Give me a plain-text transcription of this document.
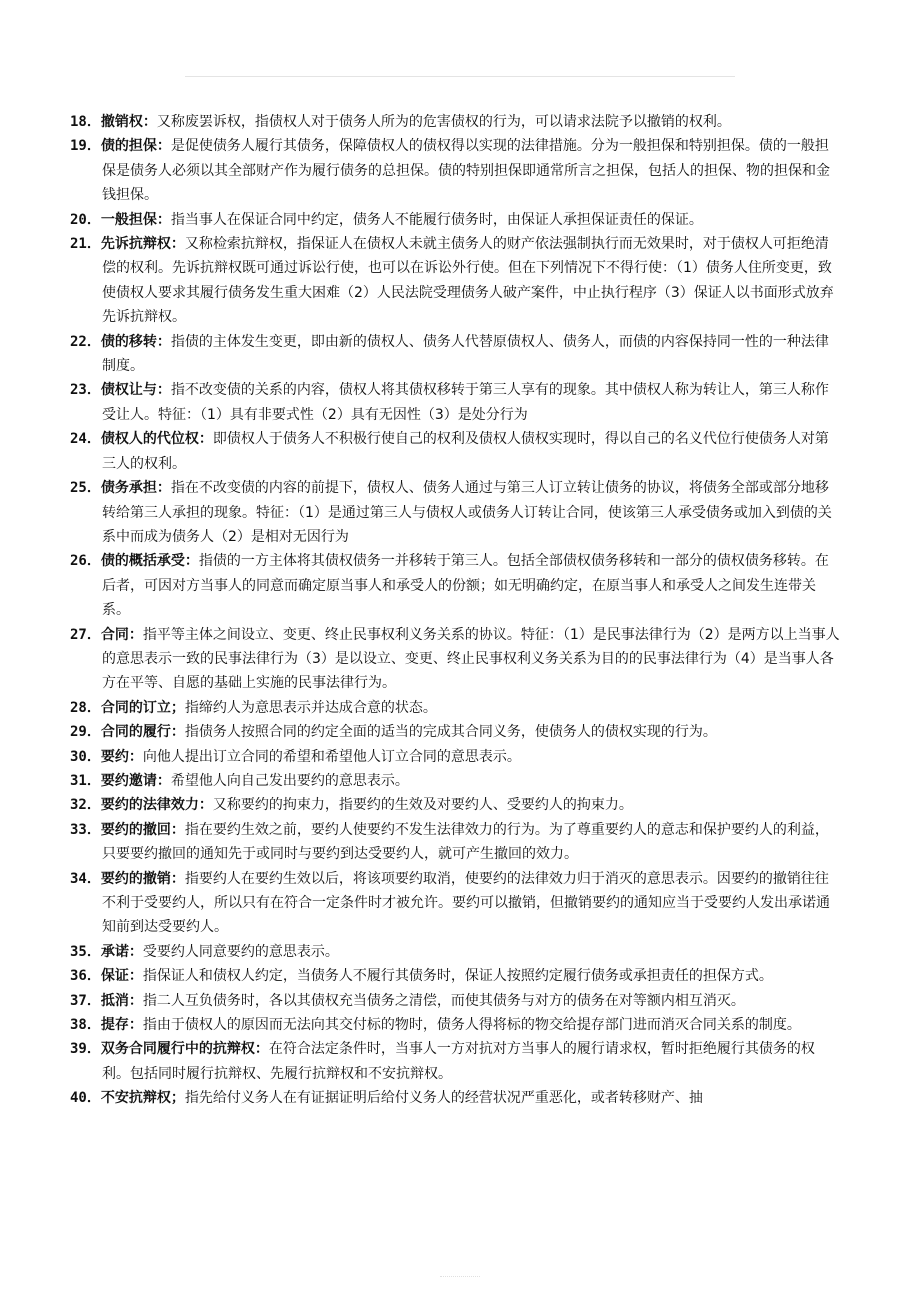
18．撤销权：又称废罢诉权，指债权人对于债务人所为的危害债权的行为，可以请求法院予以撤销的权利。

19．债的担保：是促使债务人履行其债务，保障债权人的债权得以实现的法律措施。分为一般担保和特别担保。债的一般担保是债务人必须以其全部财产作为履行债务的总担保。债的特别担保即通常所言之担保，包括人的担保、物的担保和金钱担保。

20．一般担保：指当事人在保证合同中约定，债务人不能履行债务时，由保证人承担保证责任的保证。

21．先诉抗辩权：又称检索抗辩权，指保证人在债权人未就主债务人的财产依法强制执行而无效果时，对于债权人可拒绝清偿的权利。先诉抗辩权既可通过诉讼行使，也可以在诉讼外行使。但在下列情况下不得行使：（1）债务人住所变更，致使债权人要求其履行债务发生重大困难（2）人民法院受理债务人破产案件，中止执行程序（3）保证人以书面形式放弃先诉抗辩权。

22．债的移转：指债的主体发生变更，即由新的债权人、债务人代替原债权人、债务人，而债的内容保持同一性的一种法律制度。

23．债权让与：指不改变债的关系的内容，债权人将其债权移转于第三人享有的现象。其中债权人称为转让人，第三人称作受让人。特征：（1）具有非要式性（2）具有无因性（3）是处分行为

24．债权人的代位权：即债权人于债务人不积极行使自己的权利及债权人债权实现时，得以自己的名义代位行使债务人对第三人的权利。

25．债务承担：指在不改变债的内容的前提下，债权人、债务人通过与第三人订立转让债务的协议，将债务全部或部分地移转给第三人承担的现象。特征：（1）是通过第三人与债权人或债务人订转让合同，使该第三人承受债务或加入到债的关系中而成为债务人（2）是相对无因行为

26．债的概括承受：指债的一方主体将其债权债务一并移转于第三人。包括全部债权债务移转和一部分的债权债务移转。在后者，可因对方当事人的同意而确定原当事人和承受人的份额；如无明确约定，在原当事人和承受人之间发生连带关系。

27．合同：指平等主体之间设立、变更、终止民事权利义务关系的协议。特征：（1）是民事法律行为（2）是两方以上当事人的意思表示一致的民事法律行为（3）是以设立、变更、终止民事权利义务关系为目的的民事法律行为（4）是当事人各方在平等、自愿的基础上实施的民事法律行为。

28．合同的订立；指缔约人为意思表示并达成合意的状态。

29．合同的履行：指债务人按照合同的约定全面的适当的完成其合同义务，使债务人的债权实现的行为。

30．要约：向他人提出订立合同的希望和希望他人订立合同的意思表示。

31．要约邀请：希望他人向自己发出要约的意思表示。

32．要约的法律效力：又称要约的拘束力，指要约的生效及对要约人、受要约人的拘束力。

33．要约的撤回：指在要约生效之前，要约人使要约不发生法律效力的行为。为了尊重要约人的意志和保护要约人的利益，只要要约撤回的通知先于或同时与要约到达受要约人，就可产生撤回的效力。

34．要约的撤销：指要约人在要约生效以后，将该项要约取消，使要约的法律效力归于消灭的意思表示。因要约的撤销往往不利于受要约人，所以只有在符合一定条件时才被允许。要约可以撤销，但撤销要约的通知应当于受要约人发出承诺通知前到达受要约人。

35．承诺：受要约人同意要约的意思表示。

36．保证：指保证人和债权人约定，当债务人不履行其债务时，保证人按照约定履行债务或承担责任的担保方式。

37．抵消：指二人互负债务时，各以其债权充当债务之清偿，而使其债务与对方的债务在对等额内相互消灭。

38．提存：指由于债权人的原因而无法向其交付标的物时，债务人得将标的物交给提存部门进而消灭合同关系的制度。

39．双务合同履行中的抗辩权：在符合法定条件时，当事人一方对抗对方当事人的履行请求权，暂时拒绝履行其债务的权利。包括同时履行抗辩权、先履行抗辩权和不安抗辩权。

40．不安抗辩权；指先给付义务人在有证据证明后给付义务人的经营状况严重恶化，或者转移财产、抽
